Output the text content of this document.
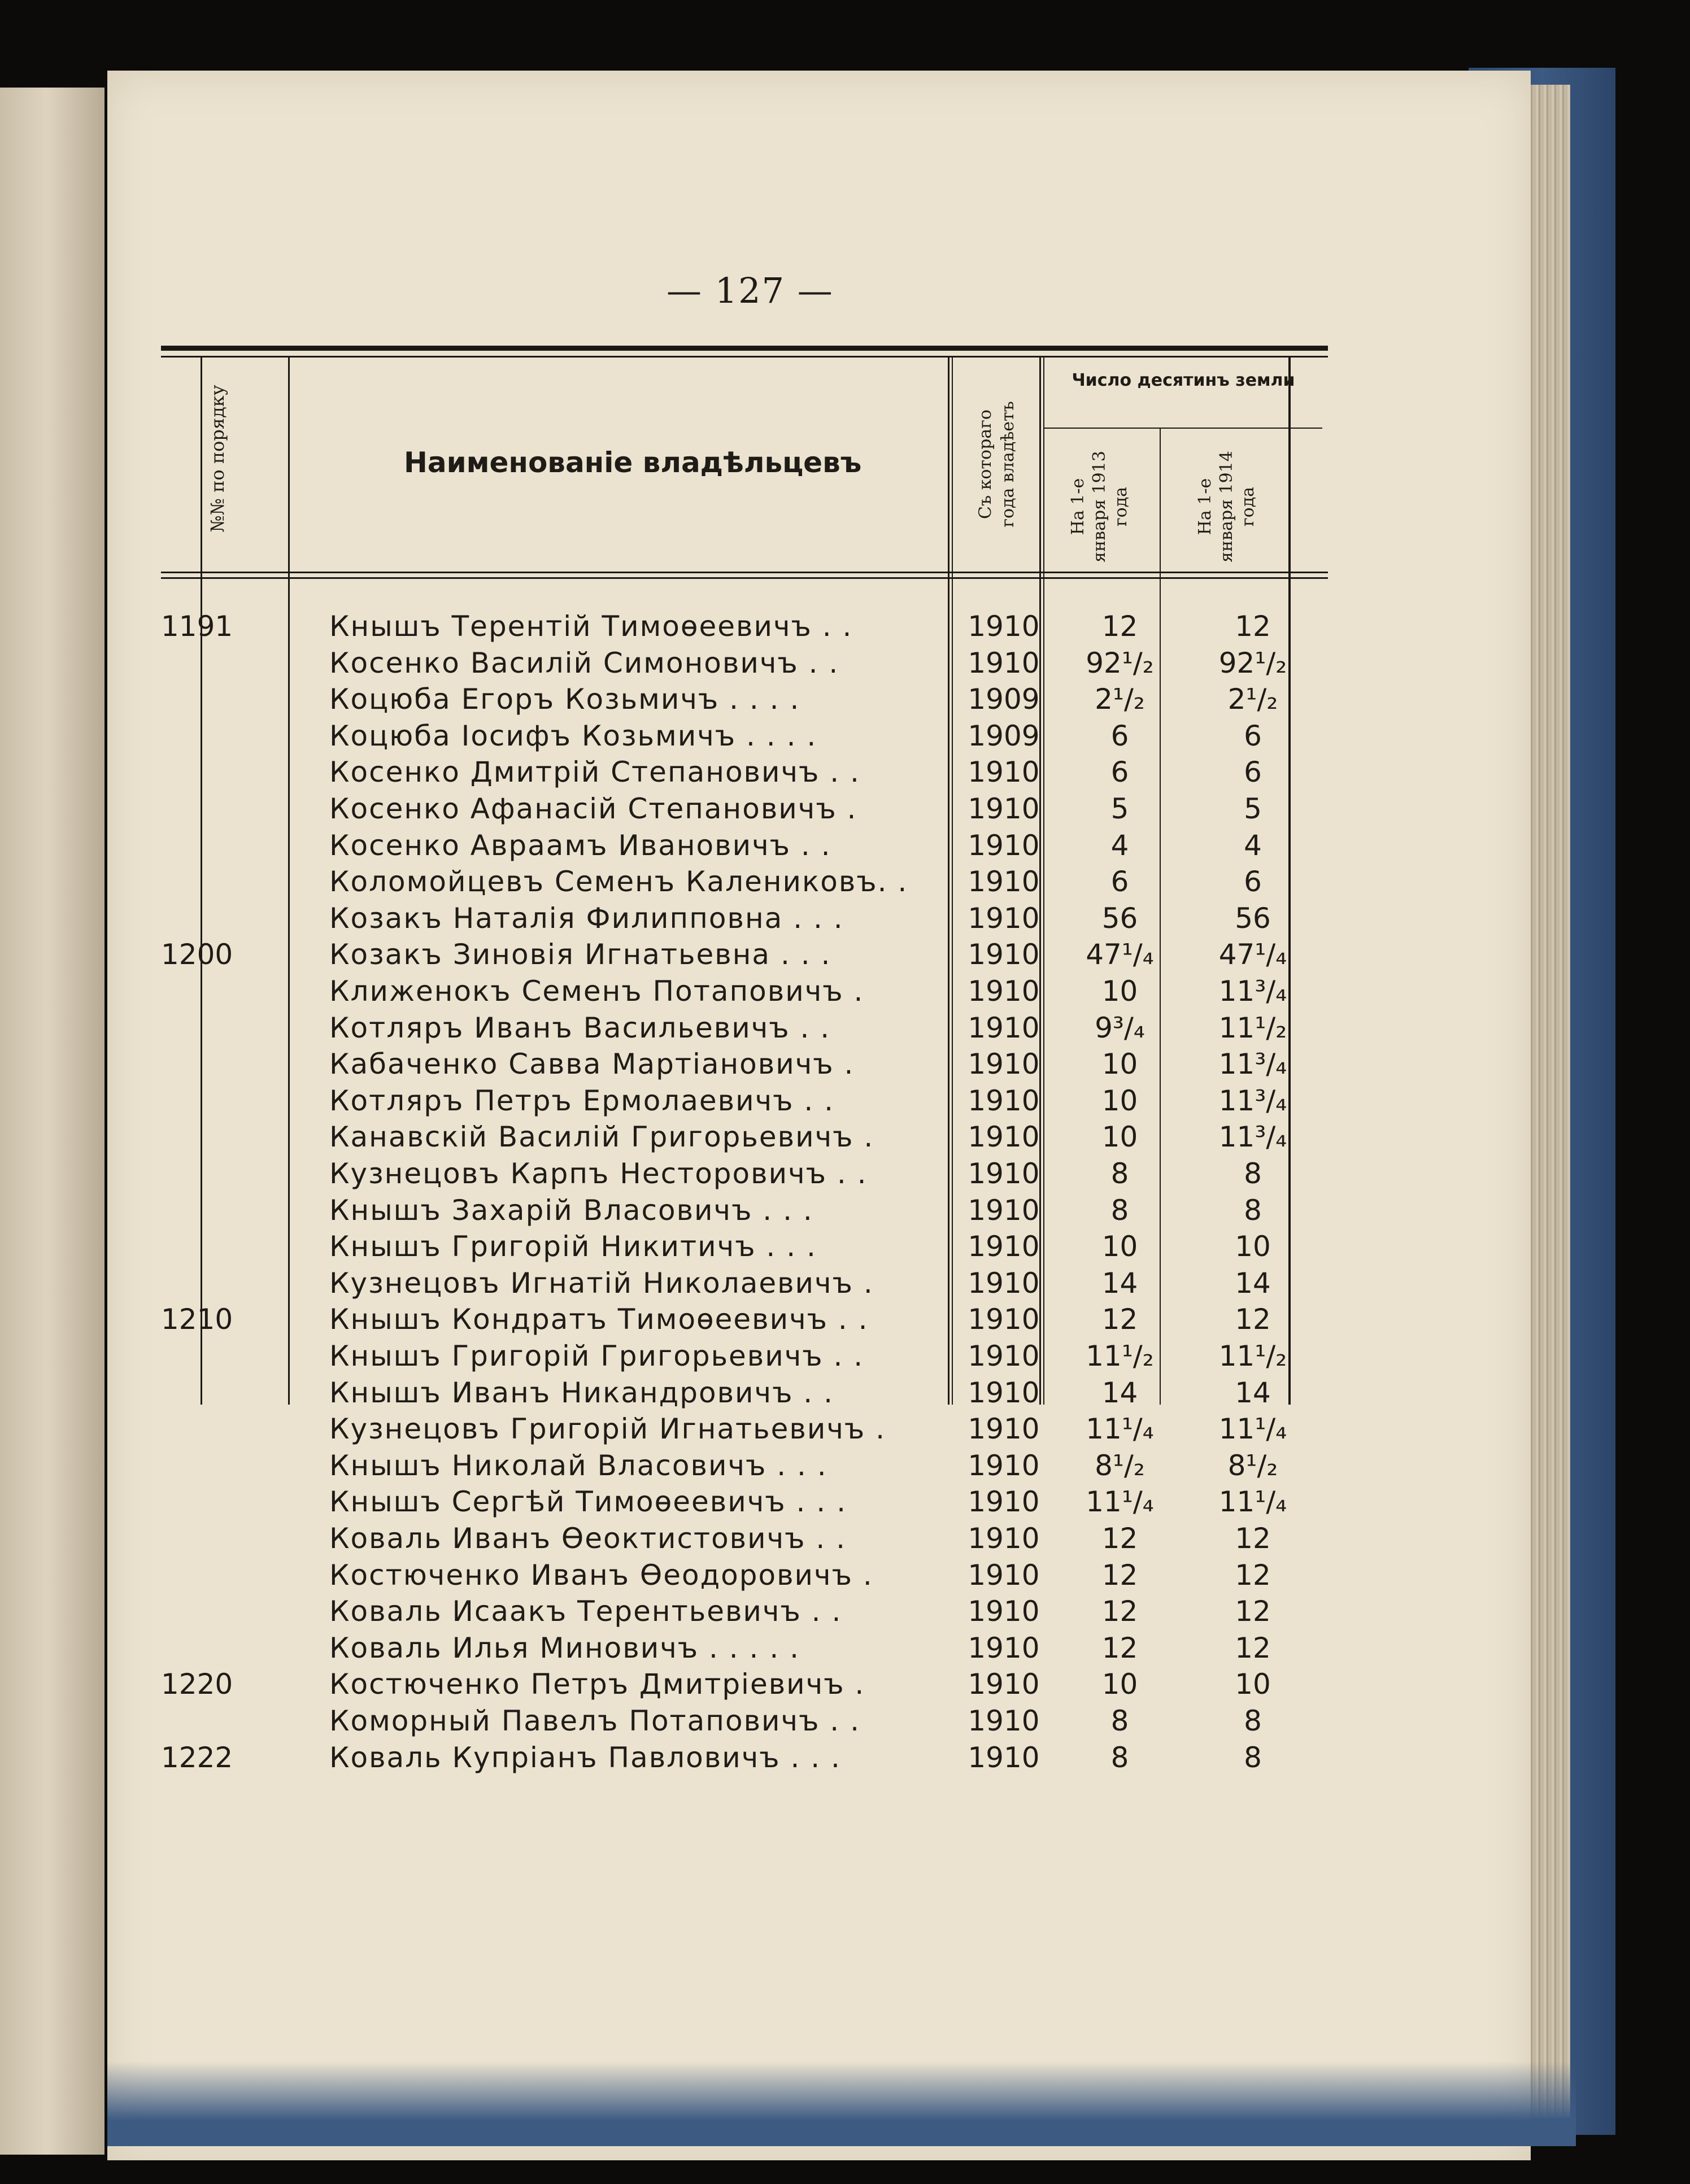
— 127 —
№№ по порядку	Наименованіе владѣльцевъ	Съ котораго года владѣетъ
Число десятинъ земли
На 1-е января 1913 года	На 1-е января 1914 года
1191	Кнышъ Терентій Тимоѳеевичъ . .	1910	12	12
Косенко Василій Симоновичъ . .	1910	92¹/₂	92¹/₂
Коцюба Егоръ Козьмичъ . . . .	1909	2¹/₂	2¹/₂
Коцюба Іосифъ Козьмичъ . . . .	1909	6	6
Косенко Дмитрій Степановичъ . .	1910	6	6
Косенко Афанасій Степановичъ .	1910	5	5
Косенко Авраамъ Ивановичъ . .	1910	4	4
Коломойцевъ Семенъ Калениковъ. .	1910	6	6
Козакъ Наталія Филипповна . . .	1910	56	56
1200	Козакъ Зиновія Игнатьевна . . .	1910	47¹/₄	47¹/₄
Клиженокъ Семенъ Потаповичъ .	1910	10	11³/₄
Котляръ Иванъ Васильевичъ . .	1910	9³/₄	11¹/₂
Кабаченко Савва Мартіановичъ .	1910	10	11³/₄
Котляръ Петръ Ермолаевичъ . .	1910	10	11³/₄
Канавскій Василій Григорьевичъ .	1910	10	11³/₄
Кузнецовъ Карпъ Несторовичъ . .	1910	8	8
Кнышъ Захарій Власовичъ . . .	1910	8	8
Кнышъ Григорій Никитичъ . . .	1910	10	10
Кузнецовъ Игнатій Николаевичъ .	1910	14	14
1210	Кнышъ Кондратъ Тимоѳеевичъ . .	1910	12	12
Кнышъ Григорій Григорьевичъ . .	1910	11¹/₂	11¹/₂
Кнышъ Иванъ Никандровичъ . .	1910	14	14
Кузнецовъ Григорій Игнатьевичъ .	1910	11¹/₄	11¹/₄
Кнышъ Николай Власовичъ . . .	1910	8¹/₂	8¹/₂
Кнышъ Сергѣй Тимоѳеевичъ . . .	1910	11¹/₄	11¹/₄
Коваль Иванъ Ѳеоктистовичъ . .	1910	12	12
Костюченко Иванъ Ѳеодоровичъ .	1910	12	12
Коваль Исаакъ Терентьевичъ . .	1910	12	12
Коваль Илья Миновичъ . . . . .	1910	12	12
1220	Костюченко Петръ Дмитріевичъ .	1910	10	10
Коморный Павелъ Потаповичъ . .	1910	8	8
1222	Коваль Купріанъ Павловичъ . . .	1910	8	8
